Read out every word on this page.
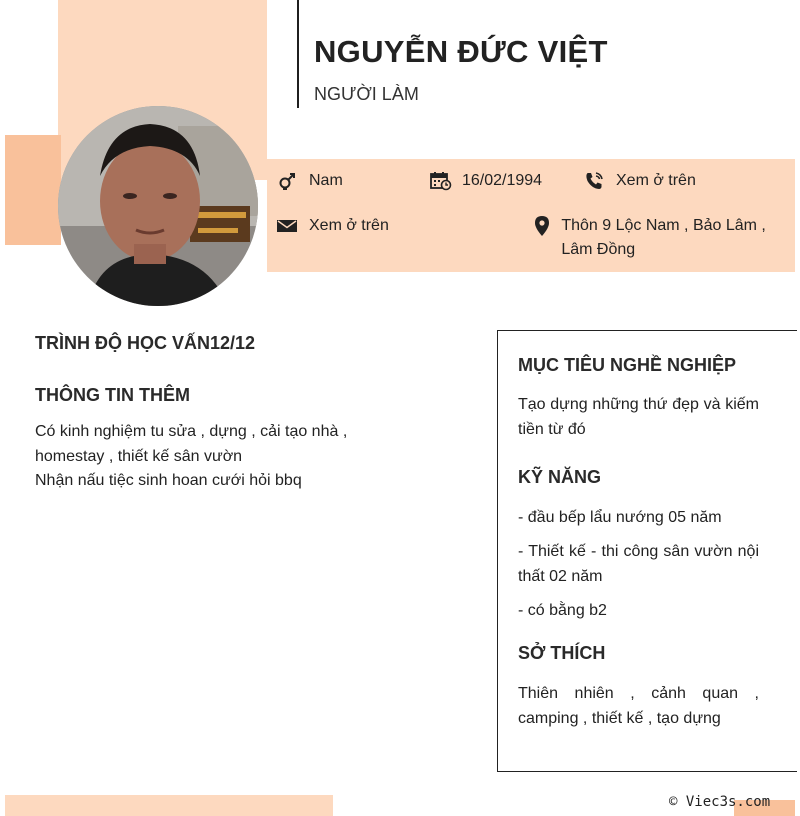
NGUYỄN ĐỨC VIỆT
NGƯỜI LÀM
Nam	16/02/1994	Xem ở trên
Xem ở trên	Thôn 9 Lộc Nam , Bảo Lâm , Lâm Đồng
TRÌNH ĐỘ HỌC VẤN12/12
THÔNG TIN THÊM

Có kinh nghiệm tu sửa , dựng , cải tạo nhà , homestay , thiết kế sân vườn

Nhận nấu tiệc sinh hoan cưới hỏi bbq

MỤC TIÊU NGHỀ NGHIỆP
Tạo dựng những thứ đẹp và kiếm tiền từ đó
KỸ NĂNG
- đầu bếp lẩu nướng 05 năm
- Thiết kế - thi công sân vườn nội thất 02 năm
- có bằng b2
SỞ THÍCH
Thiên nhiên , cảnh quan , camping , thiết kế , tạo dựng
© Viec3s.com
